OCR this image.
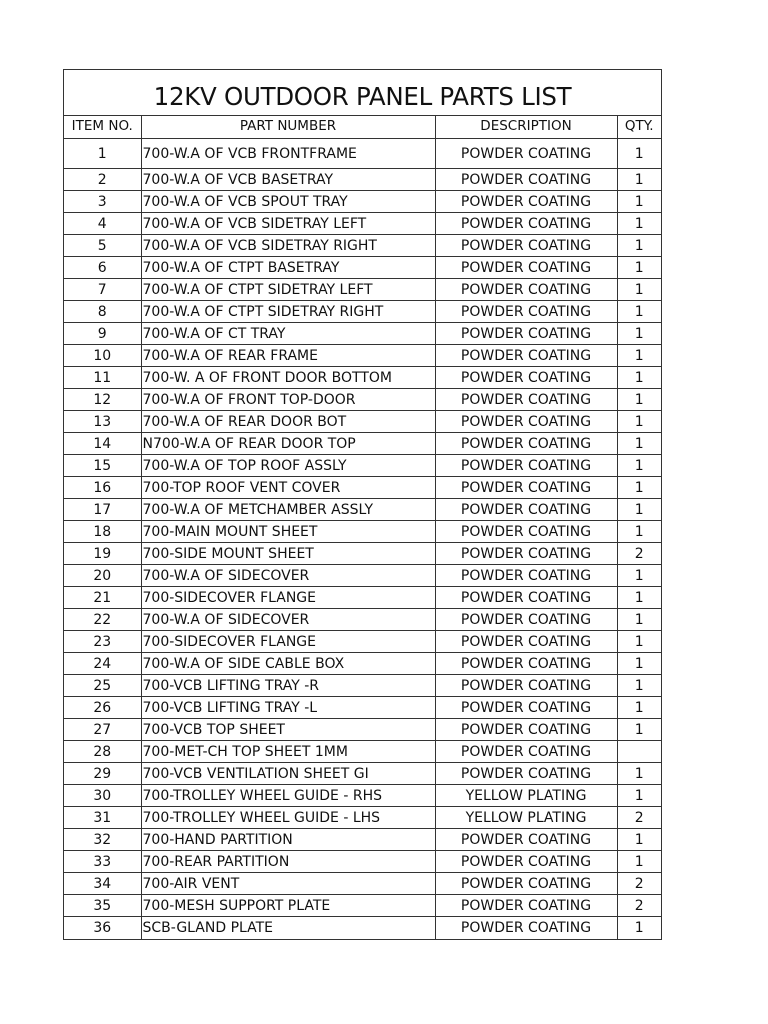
12KV OUTDOOR PANEL PARTS LIST
ITEM NO.	PART NUMBER	DESCRIPTION	QTY.
1	700-W.A OF VCB FRONTFRAME	POWDER COATING	1
2	700-W.A OF VCB BASETRAY	POWDER COATING	1
3	700-W.A OF VCB SPOUT TRAY	POWDER COATING	1
4	700-W.A OF VCB SIDETRAY LEFT	POWDER COATING	1
5	700-W.A OF VCB SIDETRAY RIGHT	POWDER COATING	1
6	700-W.A OF CTPT BASETRAY	POWDER COATING	1
7	700-W.A OF CTPT SIDETRAY LEFT	POWDER COATING	1
8	700-W.A OF CTPT SIDETRAY RIGHT	POWDER COATING	1
9	700-W.A OF CT TRAY	POWDER COATING	1
10	700-W.A OF REAR FRAME	POWDER COATING	1
11	700-W. A OF FRONT DOOR BOTTOM	POWDER COATING	1
12	700-W.A OF FRONT TOP-DOOR	POWDER COATING	1
13	700-W.A OF REAR DOOR BOT	POWDER COATING	1
14	N700-W.A OF REAR DOOR TOP	POWDER COATING	1
15	700-W.A OF TOP ROOF ASSLY	POWDER COATING	1
16	700-TOP ROOF VENT COVER	POWDER COATING	1
17	700-W.A OF METCHAMBER ASSLY	POWDER COATING	1
18	700-MAIN MOUNT SHEET	POWDER COATING	1
19	700-SIDE MOUNT SHEET	POWDER COATING	2
20	700-W.A OF SIDECOVER	POWDER COATING	1
21	700-SIDECOVER FLANGE	POWDER COATING	1
22	700-W.A OF SIDECOVER	POWDER COATING	1
23	700-SIDECOVER FLANGE	POWDER COATING	1
24	700-W.A OF SIDE CABLE BOX	POWDER COATING	1
25	700-VCB LIFTING TRAY -R	POWDER COATING	1
26	700-VCB LIFTING TRAY -L	POWDER COATING	1
27	700-VCB TOP SHEET	POWDER COATING	1
28	700-MET-CH TOP SHEET 1MM	POWDER COATING	
29	700-VCB VENTILATION SHEET GI	POWDER COATING	1
30	700-TROLLEY WHEEL GUIDE - RHS	YELLOW PLATING	1
31	700-TROLLEY WHEEL GUIDE - LHS	YELLOW PLATING	2
32	700-HAND PARTITION	POWDER COATING	1
33	700-REAR PARTITION	POWDER COATING	1
34	700-AIR VENT	POWDER COATING	2
35	700-MESH SUPPORT PLATE	POWDER COATING	2
36	SCB-GLAND PLATE	POWDER COATING	1
